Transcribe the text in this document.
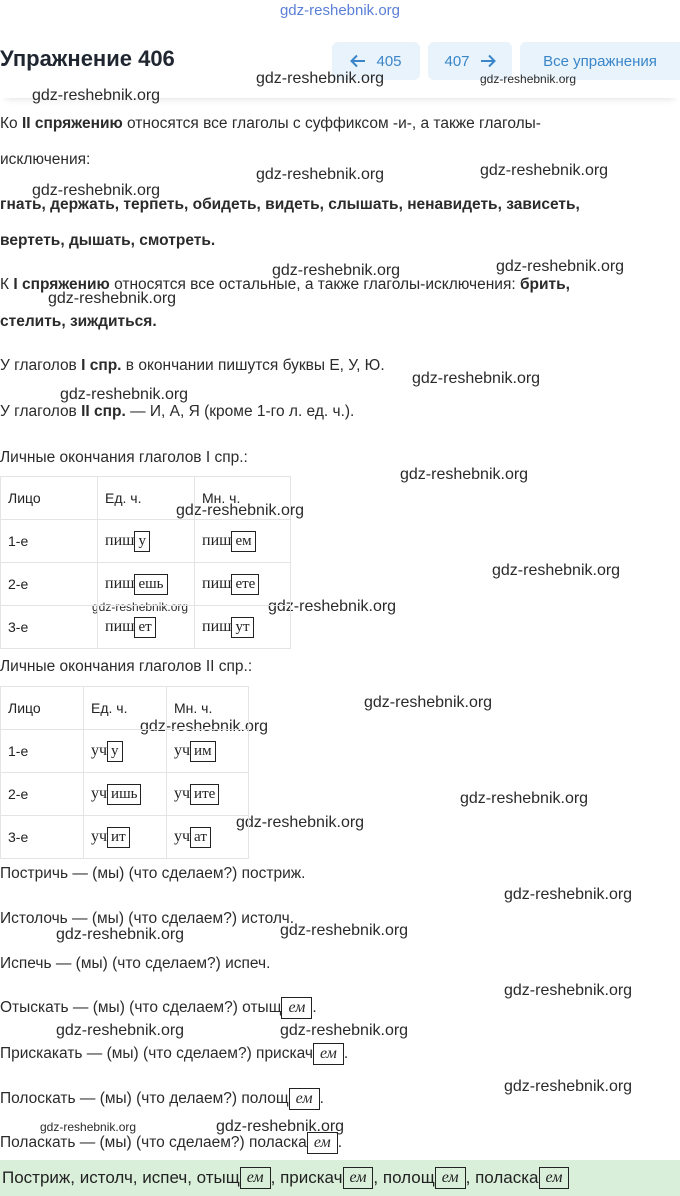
gdz-reshebnik.org
Упражнение 406	405	407	Все упражнения
gdz-reshebnik.org	gdz-reshebnik.org
gdz-reshebnik.org
gdz-reshebnik.org	gdz-reshebnik.org
gdz-reshebnik.org
gdz-reshebnik.org	gdz-reshebnik.org
gdz-reshebnik.org
gdz-reshebnik.org
gdz-reshebnik.org
gdz-reshebnik.org
gdz-reshebnik.org
gdz-reshebnik.org
gdz-reshebnik.org	gdz-reshebnik.org
gdz-reshebnik.org
gdz-reshebnik.org
gdz-reshebnik.org
gdz-reshebnik.org
gdz-reshebnik.org
gdz-reshebnik.org
gdz-reshebnik.org
gdz-reshebnik.org
gdz-reshebnik.org	gdz-reshebnik.org
gdz-reshebnik.org
gdz-reshebnik.org	gdz-reshebnik.org
Ко II спряжению относятся все глаголы с суффиксом -и-, а также глаголы-
исключения:
гнать, держать, терпеть, обидеть, видеть, слышать, ненавидеть, зависеть,
вертеть, дышать, смотреть.
К I спряжению относятся все остальные, а также глаголы-исключения: брить,
стелить, зиждиться.
У глаголов I спр. в окончании пишутся буквы Е, У, Ю.
У глаголов II спр. — И, А, Я (кроме 1-го л. ед. ч.).
Личные окончания глаголов I спр.:
Лицо	Ед. ч.	Мн. ч.
1-е	пиш у	пиш ем
2-е	пиш ешь	пиш ете
3-е	пиш ет	пиш ут
Личные окончания глаголов II спр.:
Лицо	Ед. ч.	Мн. ч.
1-е	уч у	уч им
2-е	уч ишь	уч ите
3-е	уч ит	уч ат
Постричь — (мы) (что сделаем?) постриж.
Истолочь — (мы) (что сделаем?) истолч.
Испечь — (мы) (что сделаем?) испеч.
Отыскать — (мы) (что сделаем?) отыщ ем .
Прискакать — (мы) (что сделаем?) прискач ем .
Полоскать — (мы) (что делаем?) полощ ем .
Поласкать — (мы) (что сделаем?) поласка ем .
Постриж, истолч, испеч, отыщ ем , прискач ем , полощ ем , поласка ем
